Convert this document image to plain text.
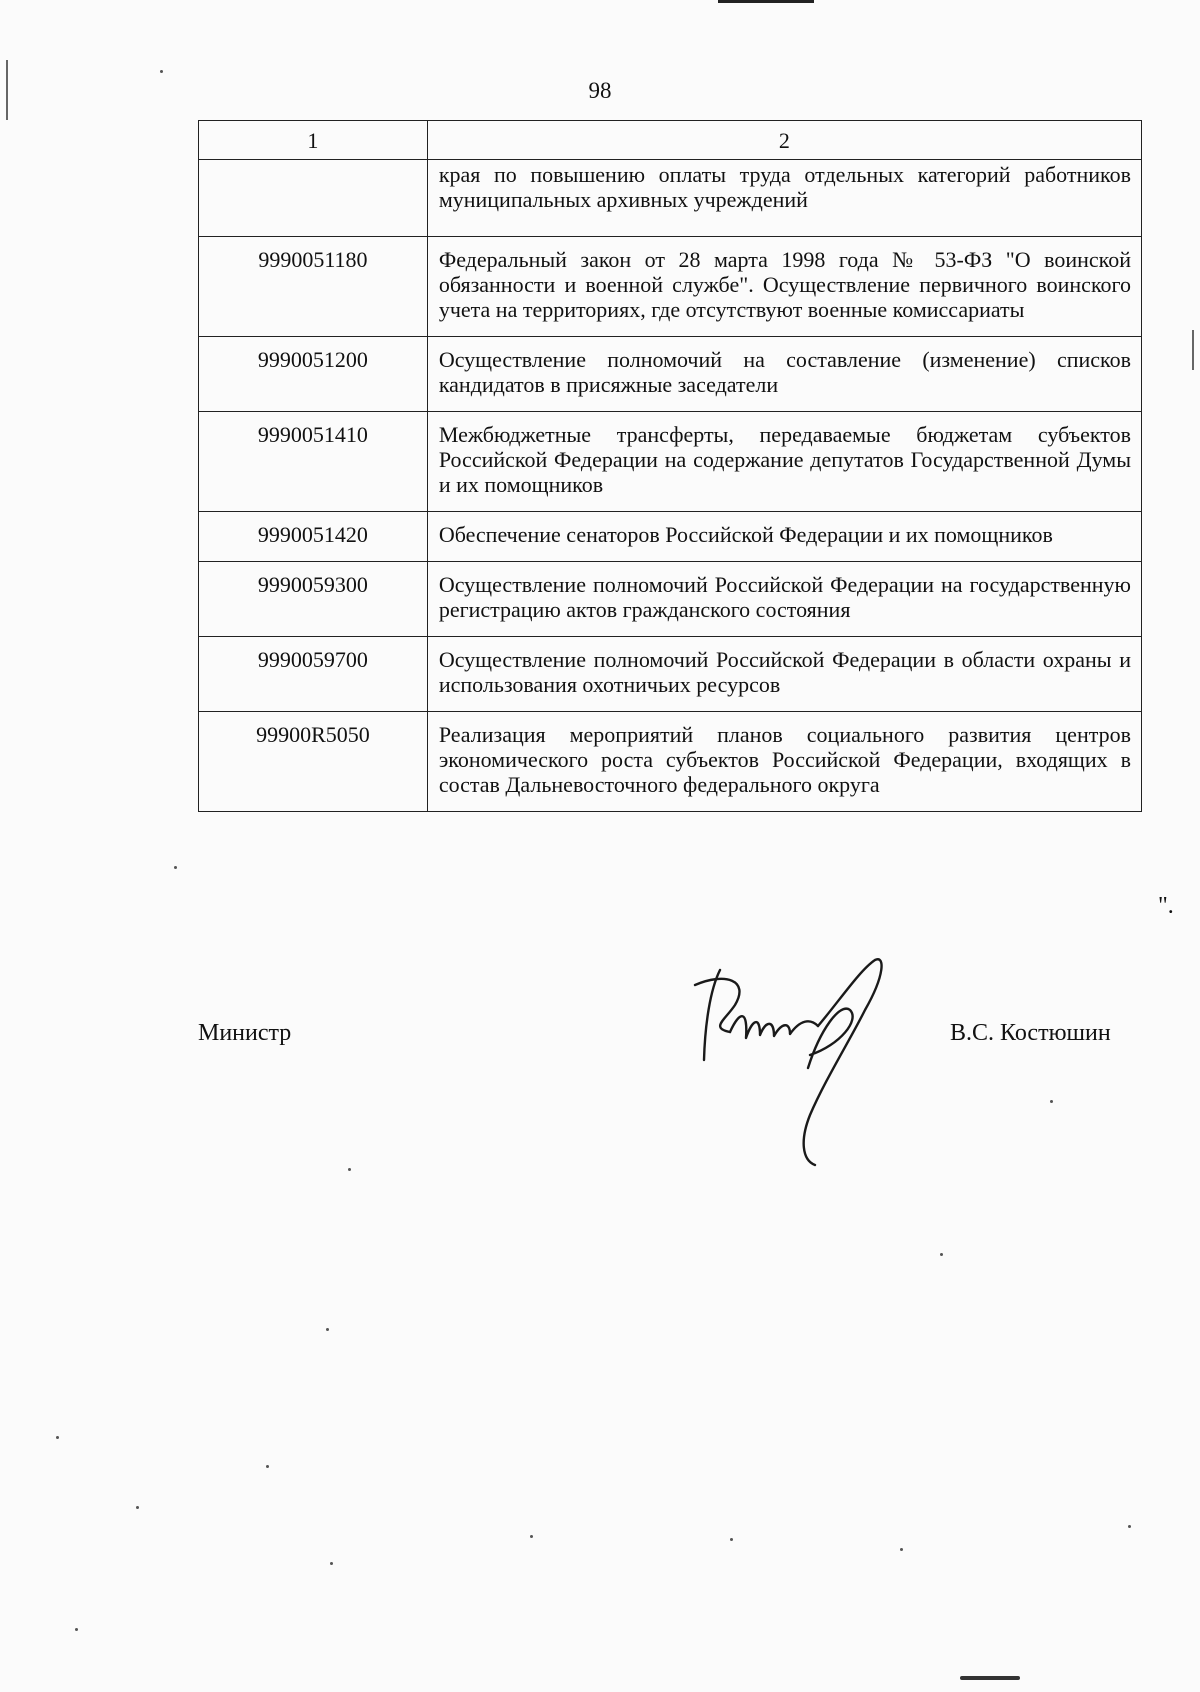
98
1	2
	края по повышению оплаты труда отдельных категорий работников муниципальных архивных учреждений
9990051180	Федеральный закон от 28 марта 1998 года № 53-ФЗ "О воинской обязанности и военной службе". Осуществление первичного воинского учета на территориях, где отсутствуют военные комиссариаты
9990051200	Осуществление полномочий на составление (изменение) списков кандидатов в присяжные заседатели
9990051410	Межбюджетные трансферты, передаваемые бюджетам субъектов Российской Федерации на содержание депутатов Государственной Думы и их помощников
9990051420	Обеспечение сенаторов Российской Федерации и их помощников
9990059300	Осуществление полномочий Российской Федерации на государственную регистрацию актов гражданского состояния
9990059700	Осуществление полномочий Российской Федерации в области охраны и использования охотничьих ресурсов
99900R5050	Реализация мероприятий планов социального развития центров экономического роста субъектов Российской Федерации, входящих в состав Дальневосточного федерального округа
".
Министр	В.С. Костюшин
